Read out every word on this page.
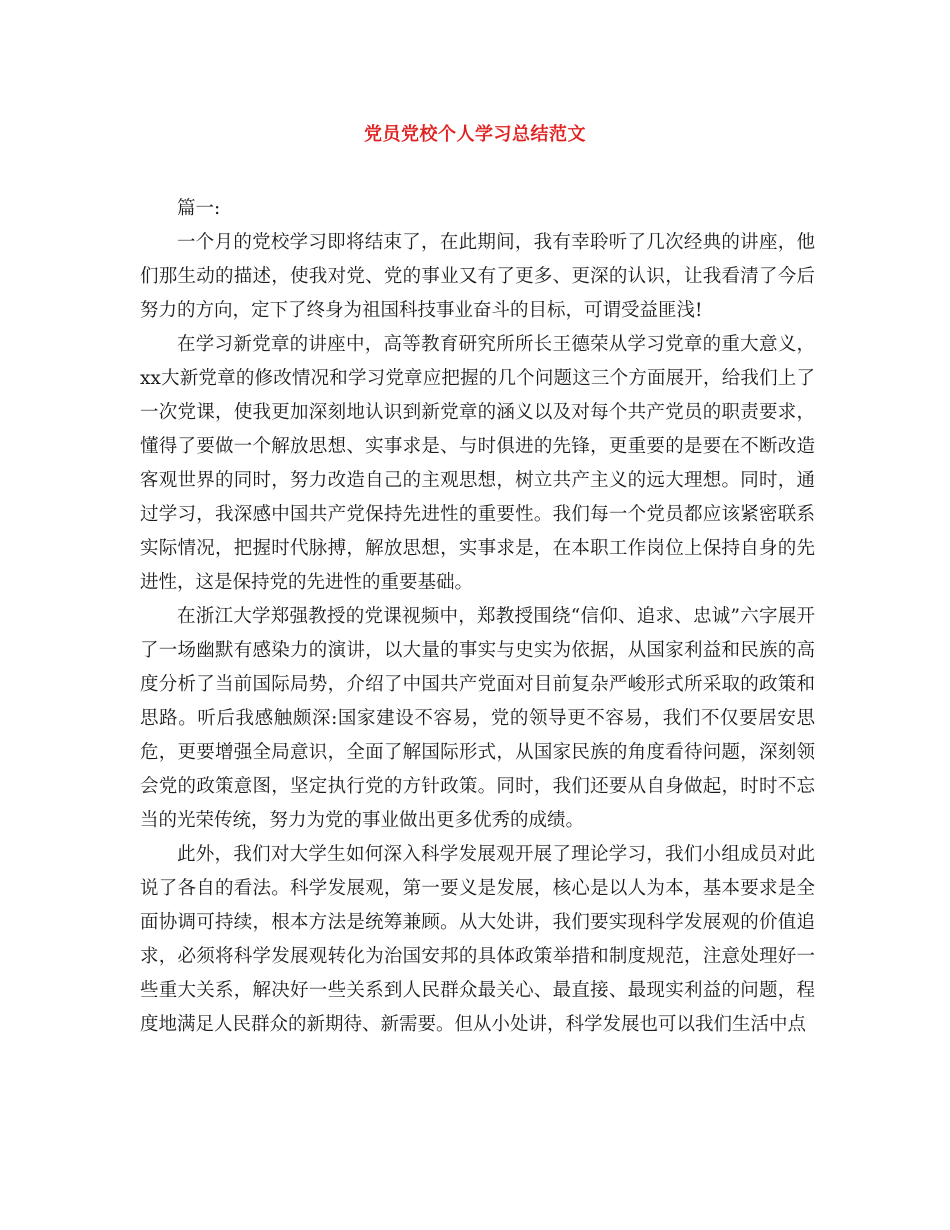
党员党校个人学习总结范文

篇一:

一个月的党校学习即将结束了，在此期间，我有幸聆听了几次经典的讲座，他们那生动的描述，使我对党、党的事业又有了更多、更深的认识，让我看清了今后努力的方向，定下了终身为祖国科技事业奋斗的目标，可谓受益匪浅!

在学习新党章的讲座中，高等教育研究所所长王德荣从学习党章的重大意义，xx大新党章的修改情况和学习党章应把握的几个问题这三个方面展开，给我们上了一次党课，使我更加深刻地认识到新党章的涵义以及对每个共产党员的职责要求，懂得了要做一个解放思想、实事求是、与时俱进的先锋，更重要的是要在不断改造客观世界的同时，努力改造自己的主观思想，树立共产主义的远大理想。同时，通过学习，我深感中国共产党保持先进性的重要性。我们每一个党员都应该紧密联系实际情况，把握时代脉搏，解放思想，实事求是，在本职工作岗位上保持自身的先进性，这是保持党的先进性的重要基础。

在浙江大学郑强教授的党课视频中，郑教授围绕“信仰、追求、忠诚”六字展开了一场幽默有感染力的演讲，以大量的事实与史实为依据，从国家利益和民族的高度分析了当前国际局势，介绍了中国共产党面对目前复杂严峻形式所采取的政策和思路。听后我感触颇深:国家建设不容易，党的领导更不容易，我们不仅要居安思危，更要增强全局意识，全面了解国际形式，从国家民族的角度看待问题，深刻领会党的政策意图，坚定执行党的方针政策。同时，我们还要从自身做起，时时不忘当的光荣传统，努力为党的事业做出更多优秀的成绩。

此外，我们对大学生如何深入科学发展观开展了理论学习，我们小组成员对此说了各自的看法。科学发展观，第一要义是发展，核心是以人为本，基本要求是全面协调可持续，根本方法是统筹兼顾。从大处讲，我们要实现科学发展观的价值追求，必须将科学发展观转化为治国安邦的具体政策举措和制度规范，注意处理好一些重大关系，解决好一些关系到人民群众最关心、最直接、最现实利益的问题，程度地满足人民群众的新期待、新需要。但从小处讲，科学发展也可以我们生活中点
